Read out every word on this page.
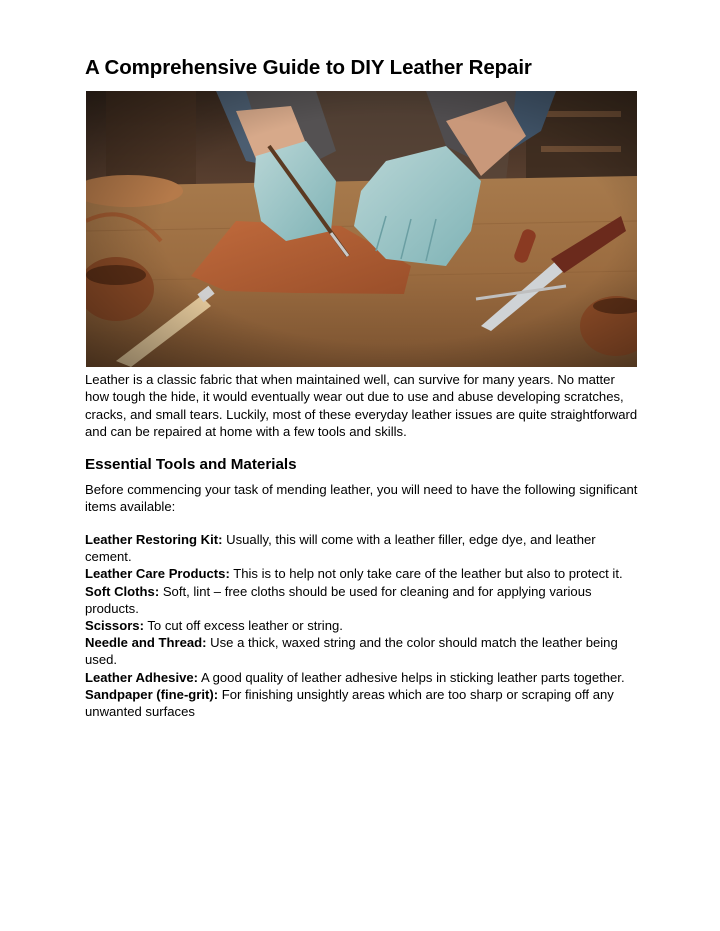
A Comprehensive Guide to DIY Leather Repair

Leather is a classic fabric that when maintained well, can survive for many years. No matter how tough the hide, it would eventually wear out due to use and abuse developing scratches, cracks, and small tears. Luckily, most of these everyday leather issues are quite straightforward and can be repaired at home with a few tools and skills.

Essential Tools and Materials

Before commencing your task of mending leather, you will need to have the following significant items available:

Leather Restoring Kit: Usually, this will come with a leather filler, edge dye, and leather cement.
Leather Care Products: This is to help not only take care of the leather but also to protect it.
Soft Cloths: Soft, lint – free cloths should be used for cleaning and for applying various products.
Scissors: To cut off excess leather or string.
Needle and Thread: Use a thick, waxed string and the color should match the leather being used.
Leather Adhesive: A good quality of leather adhesive helps in sticking leather parts together.
Sandpaper (fine-grit): For finishing unsightly areas which are too sharp or scraping off any unwanted surfaces
